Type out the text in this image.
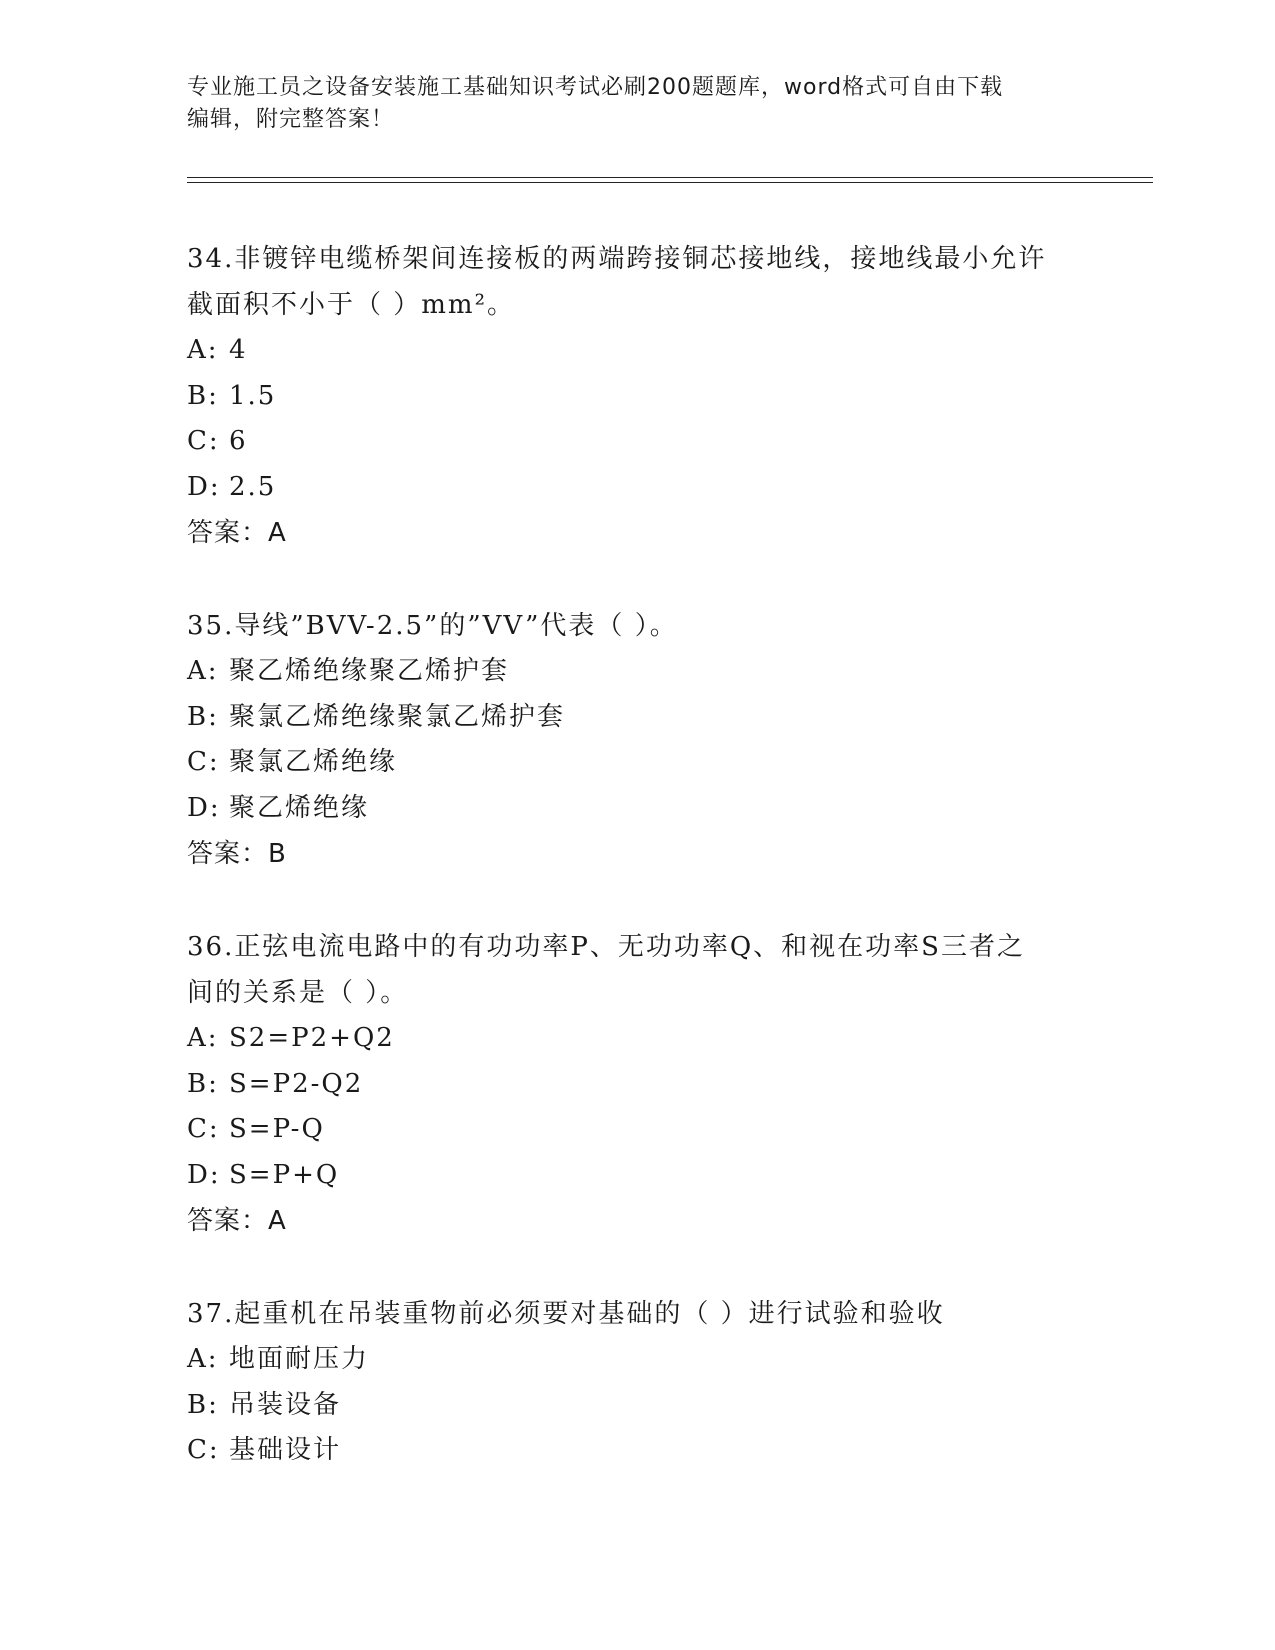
专业施工员之设备安装施工基础知识考试必刷200题题库，word格式可自由下载
编辑，附完整答案！
34.非镀锌电缆桥架间连接板的两端跨接铜芯接地线，接地线最小允许
截面积不小于（ ）mm²。
A: 4
B: 1.5
C: 6
D: 2.5
答案：A
35.导线”BVV-2.5”的”VV”代表（ ）。
A: 聚乙烯绝缘聚乙烯护套
B: 聚氯乙烯绝缘聚氯乙烯护套
C: 聚氯乙烯绝缘
D: 聚乙烯绝缘
答案：B
36.正弦电流电路中的有功功率P、无功功率Q、和视在功率S三者之
间的关系是（ ）。
A: S2=P2+Q2
B: S=P2-Q2
C: S=P-Q
D: S=P+Q
答案：A
37.起重机在吊装重物前必须要对基础的（ ）进行试验和验收
A: 地面耐压力
B: 吊装设备
C: 基础设计
